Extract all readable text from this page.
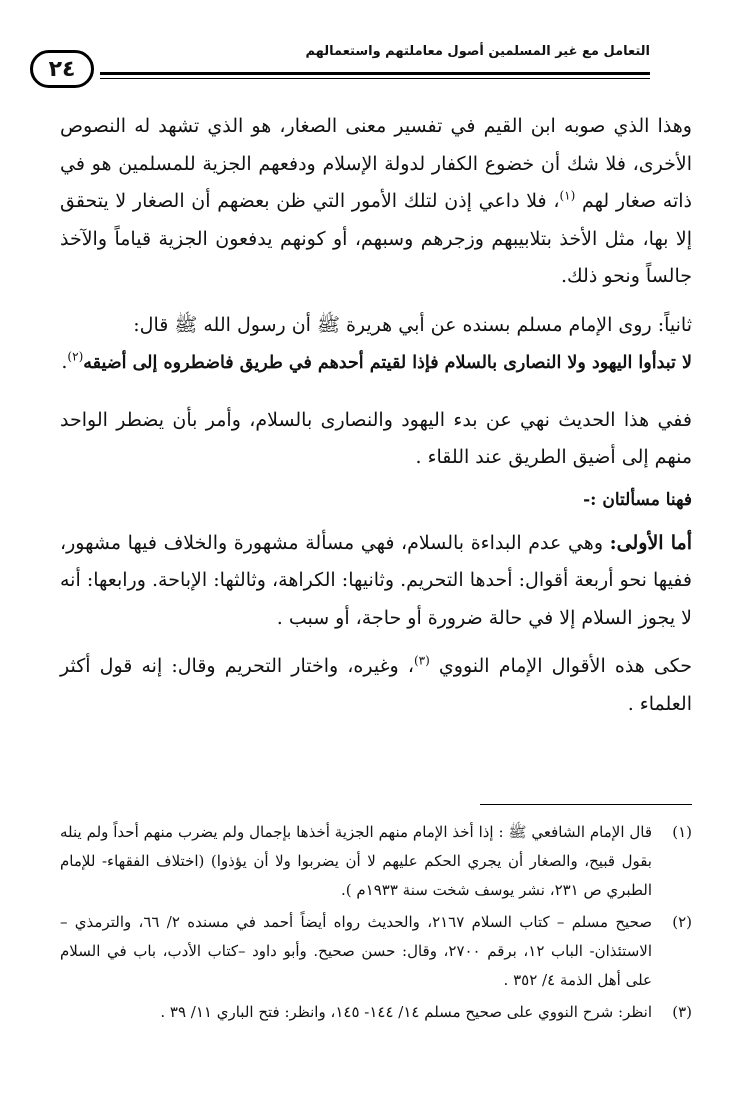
التعامل مع غير المسلمين أصول معاملتهم واستعمالهم
٢٤

وهذا الذي صوبه ابن القيم في تفسير معنى الصغار، هو الذي تشهد له النصوص الأخرى، فلا شك أن خضوع الكفار لدولة الإسلام ودفعهم الجزية للمسلمين هو في ذاته صغار لهم $^{(١)}$، فلا داعي إذن لتلك الأمور التي ظن بعضهم أن الصغار لا يتحقق إلا بها، مثل الأخذ بتلابيبهم وزجرهم وسبهم، أو كونهم يدفعون الجزية قياماً والآخذ جالساً ونحو ذلك.

ثانياً: روى الإمام مسلم بسنده عن أبي هريرة ﷺ أن رسول الله ﷺ قال:
لا تبدأوا اليهود ولا النصارى بالسلام فإذا لقيتم أحدهم في طريق فاضطروه إلى أضيقه$^{(٢)}$.

ففي هذا الحديث نهي عن بدء اليهود والنصارى بالسلام، وأمر بأن يضطر الواحد منهم إلى أضيق الطريق عند اللقاء .

فهنا مسألتان :-

أما الأولى: وهي عدم البداءة بالسلام، فهي مسألة مشهورة والخلاف فيها مشهور، ففيها نحو أربعة أقوال: أحدها التحريم. وثانيها: الكراهة، وثالثها: الإباحة. ورابعها: أنه لا يجوز السلام إلا في حالة ضرورة أو حاجة، أو سبب .

حكى هذه الأقوال الإمام النووي $^{(٣)}$، وغيره، واختار التحريم وقال: إنه قول أكثر العلماء .

(١)
قال الإمام الشافعي ﷺ : إذا أخذ الإمام منهم الجزية أخذها بإجمال ولم يضرب منهم أحداً ولم ينله بقول قبيح، والصغار أن يجري الحكم عليهم لا أن يضربوا ولا أن يؤذوا) (اختلاف الفقهاء- للإمام الطبري ص ٢٣١، نشر يوسف شخت سنة ١٩٣٣م ).
(٢)
صحيح مسلم – كتاب السلام ٢١٦٧، والحديث رواه أيضاً أحمد في مسنده ٢/ ٦٦، والترمذي – الاستئذان- الباب ١٢، برقم ٢٧٠٠، وقال: حسن صحيح. وأبو داود –كتاب الأدب، باب في السلام على أهل الذمة ٤/ ٣٥٢ .
(٣)
انظر: شرح النووي على صحيح مسلم ١٤/ ١٤٤- ١٤٥، وانظر: فتح الباري ١١/ ٣٩ .
